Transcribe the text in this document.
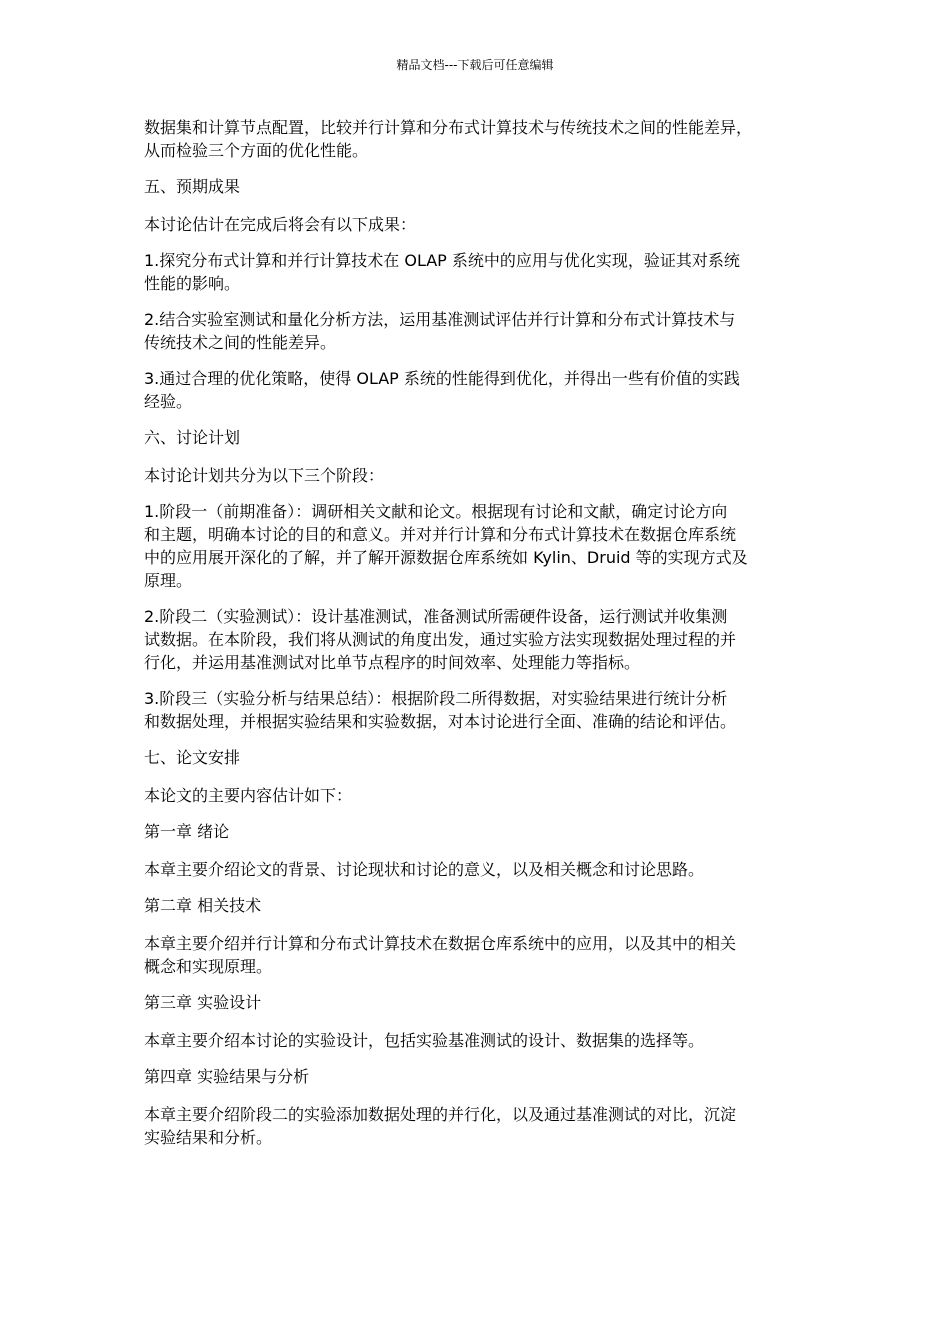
精品文档---下载后可任意编辑

数据集和计算节点配置，比较并行计算和分布式计算技术与传统技术之间的性能差异，
从而检验三个方面的优化性能。

五、预期成果

本讨论估计在完成后将会有以下成果：

1.探究分布式计算和并行计算技术在 OLAP 系统中的应用与优化实现，验证其对系统
性能的影响。

2.结合实验室测试和量化分析方法，运用基准测试评估并行计算和分布式计算技术与
传统技术之间的性能差异。

3.通过合理的优化策略，使得 OLAP 系统的性能得到优化，并得出一些有价值的实践
经验。

六、讨论计划

本讨论计划共分为以下三个阶段：

1.阶段一（前期准备）：调研相关文献和论文。根据现有讨论和文献，确定讨论方向
和主题，明确本讨论的目的和意义。并对并行计算和分布式计算技术在数据仓库系统
中的应用展开深化的了解，并了解开源数据仓库系统如 Kylin、Druid 等的实现方式及
原理。

2.阶段二（实验测试）：设计基准测试，准备测试所需硬件设备，运行测试并收集测
试数据。在本阶段，我们将从测试的角度出发，通过实验方法实现数据处理过程的并
行化，并运用基准测试对比单节点程序的时间效率、处理能力等指标。

3.阶段三（实验分析与结果总结）：根据阶段二所得数据，对实验结果进行统计分析
和数据处理，并根据实验结果和实验数据，对本讨论进行全面、准确的结论和评估。

七、论文安排

本论文的主要内容估计如下：

第一章 绪论

本章主要介绍论文的背景、讨论现状和讨论的意义，以及相关概念和讨论思路。

第二章 相关技术

本章主要介绍并行计算和分布式计算技术在数据仓库系统中的应用，以及其中的相关
概念和实现原理。

第三章 实验设计

本章主要介绍本讨论的实验设计，包括实验基准测试的设计、数据集的选择等。

第四章 实验结果与分析

本章主要介绍阶段二的实验添加数据处理的并行化，以及通过基准测试的对比，沉淀
实验结果和分析。
